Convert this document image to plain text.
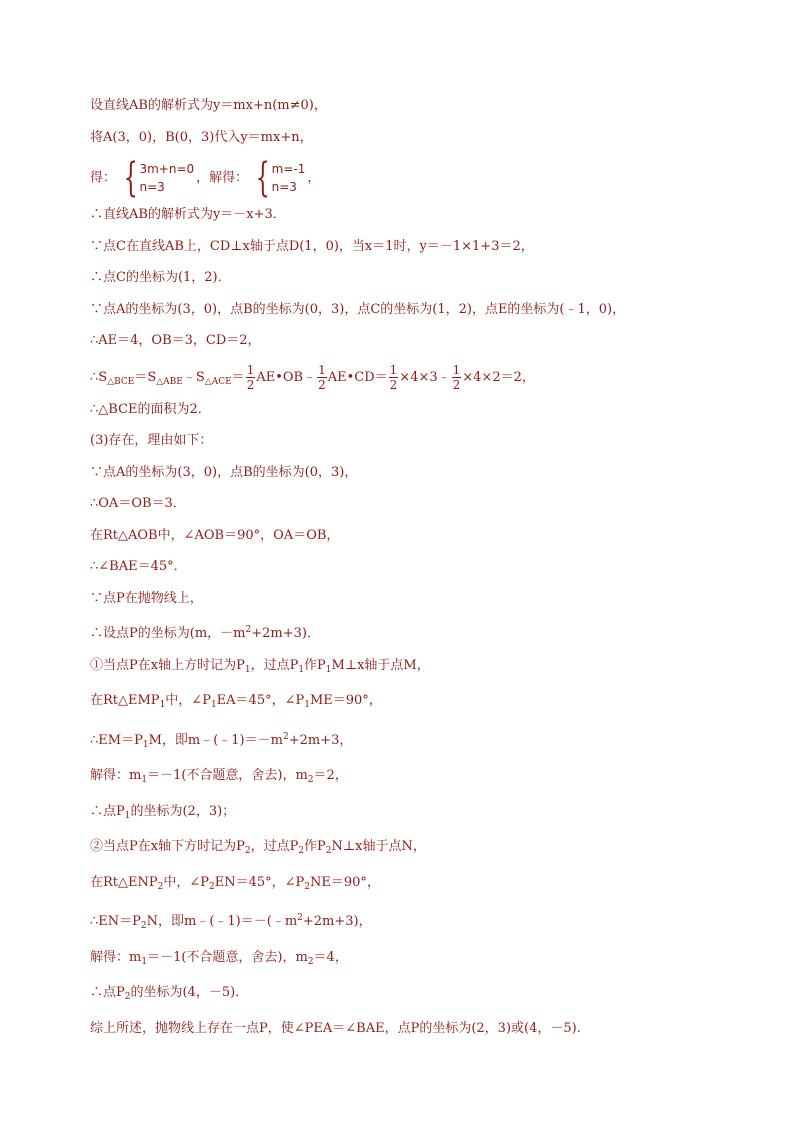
设直线AB的解析式为y＝mx+n(m≠0)，
将A(3，0)，B(0，3)代入y＝mx+n，
得： { 3m+n=0
n=3
，解得： { m=-1
n=3
，
∴直线AB的解析式为y＝－x+3．
∵点C在直线AB上，CD⊥x轴于点D(1，0)，当x＝1时，y＝－1×1+3＝2，
∴点C的坐标为(1，2)．
∵点A的坐标为(3，0)，点B的坐标为(0，3)，点C的坐标为(1，2)，点E的坐标为(﹣1，0)，
∴AE＝4，OB＝3，CD＝2，
$\therefore S_{\triangle BCE}=S_{\triangle ABE}﹣S_{\triangle ACE}= \frac{1}{2}$ AE•OB﹣ $\frac{1}{2}$ AE•CD＝ $\frac{1}{2}$ ×4×3﹣ $\frac{1}{2} \times 4\times 2=2$，
∴△BCE的面积为2．
(3)存在，理由如下：
∵点A的坐标为(3，0)，点B的坐标为(0，3)，
∴OA＝OB＝3．
在Rt△AOB中，∠AOB＝90°，OA＝OB，
∴∠BAE＝45°．
∵点P在抛物线上，
∴设点P的坐标为(m，$-m^2+2m+3$)．
①当点P在x轴上方时记为$P_1$，过点$P_1$作$P_1M\perp x$轴于点M，
在$Rt\triangle EMP_1$中，$\angle P_1EA=45^\circ$，$\angle P_1ME=90^\circ$，
$\therefore EM=P_1M$，即$m﹣(﹣1)=-m^2+2m+3$，
解得：$m_1=-1$(不合题意，舍去)，$m_2=2$，
∴点$P_1$的坐标为(2，3)；
②当点P在x轴下方时记为$P_2$，过点$P_2$作$P_2N\perp x$轴于点N，
在$Rt\triangle ENP_2$中，$\angle P_2EN=45^\circ$，$\angle P_2NE=90^\circ$，
$\therefore EN=P_2N$，即$m﹣(﹣1)=-(﹣m^2+2m+3)$，
解得：$m_1=-1$(不合题意，舍去)，$m_2=4$，
∴点$P_2$的坐标为(4，－5)．
综上所述，抛物线上存在一点P，使∠PEA＝∠BAE，点P的坐标为(2，3)或(4，－5)．
